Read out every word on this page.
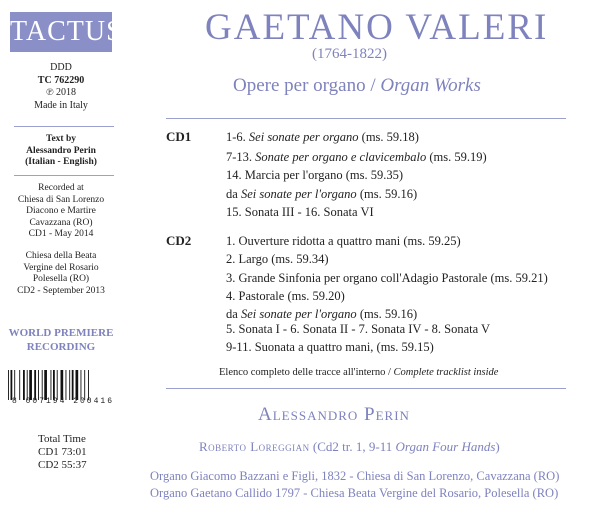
TACTUS
DDD
TC 762290
℗ 2018
Made in Italy
Text by
Alessandro Perin
(Italian - English)
Recorded at
Chiesa di San Lorenzo
Diacono e Martire
Cavazzana (RO)
CD1 - May 2014
Chiesa della Beata
Vergine del Rosario
Polesella (RO)
CD2 - September 2013
WORLD PREMIERE
RECORDING
8 007194 200416
Total Time
CD1 73:01
CD2 55:37
GAETANO VALERI
(1764-1822)
Opere per organo / Organ Works
CD1	1-6. Sei sonate per organo (ms. 59.18)
7-13. Sonate per organo e clavicembalo (ms. 59.19)
14. Marcia per l'organo (ms. 59.35)
da Sei sonate per l'organo (ms. 59.16)
15. Sonata III - 16. Sonata VI
CD2	1. Ouverture ridotta a quattro mani (ms. 59.25)
2. Largo (ms. 59.34)
3. Grande Sinfonia per organo coll'Adagio Pastorale (ms. 59.21)
4. Pastorale (ms. 59.20)
da Sei sonate per l'organo (ms. 59.16)
5. Sonata I - 6. Sonata II - 7. Sonata IV - 8. Sonata V
9-11. Suonata a quattro mani, (ms. 59.15)
Elenco completo delle tracce all'interno / Complete tracklist inside
Alessandro Perin
Roberto Loreggian (Cd2 tr. 1, 9-11 Organ Four Hands)
Organo Giacomo Bazzani e Figli, 1832 - Chiesa di San Lorenzo, Cavazzana (RO)
Organo Gaetano Callido 1797 - Chiesa Beata Vergine del Rosario, Polesella (RO)
